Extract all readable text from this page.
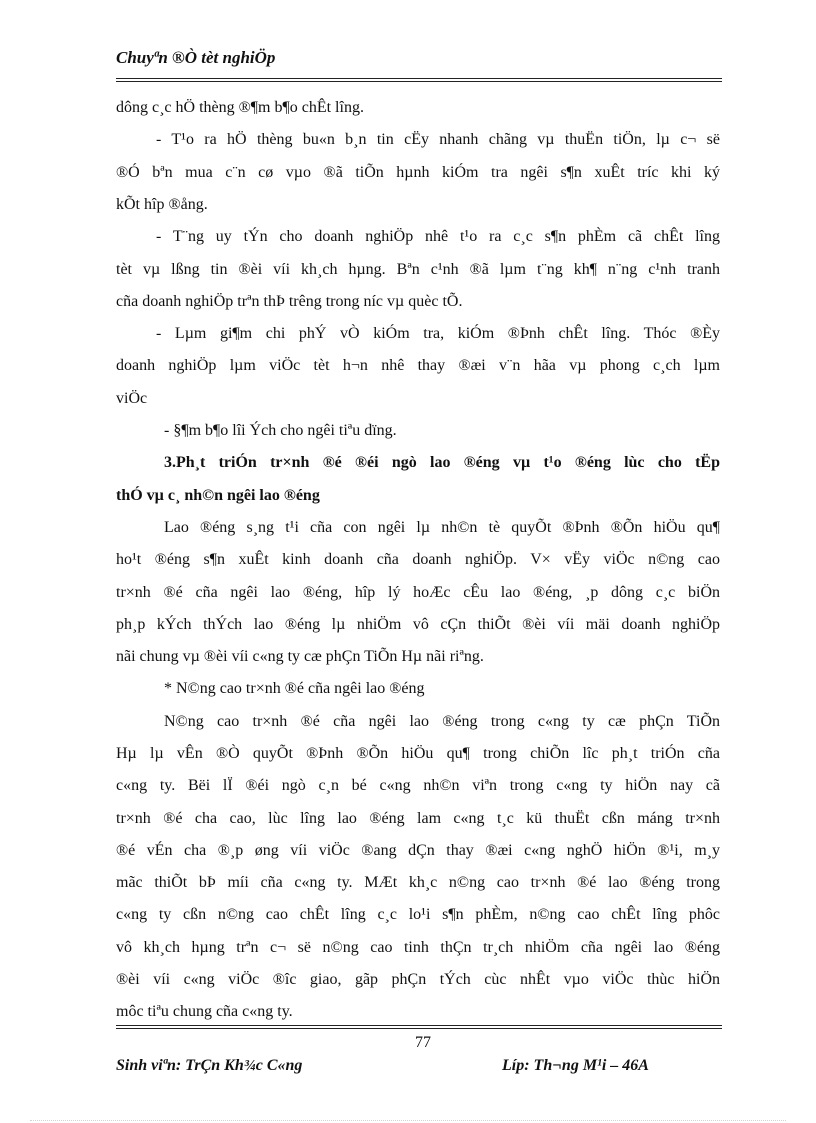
Chuyªn ®Ò tèt nghiÖp
dông c¸c hÖ thèng ®¶m b¶o chÊt lîng.
- T¹o ra hÖ thèng bu«n b¸n tin cËy nhanh chãng vµ thuËn tiÖn, lµ c¬ së
®Ó bªn mua c¨n cø vµo ®ã tiÕn hµnh kiÓm tra ngêi s¶n xuÊt tríc khi ký
kÕt hîp ®ång.
- T¨ng uy tÝn cho doanh nghiÖp nhê t¹o ra c¸c s¶n phÈm cã chÊt lîng
tèt vµ lßng tin ®èi víi kh¸ch hµng. Bªn c¹nh ®ã lµm t¨ng kh¶ n¨ng c¹nh tranh
cña doanh nghiÖp trªn thÞ trêng trong níc vµ quèc tÕ.
- Lµm gi¶m chi phÝ vÒ kiÓm tra, kiÓm ®Þnh chÊt lîng. Thóc ®Èy
doanh nghiÖp lµm viÖc tèt h¬n nhê thay ®æi v¨n hãa vµ phong c¸ch lµm
viÖc
- §¶m b¶o lîi Ých cho ngêi tiªu dïng.
3.Ph¸t triÓn tr×nh ®é ®éi ngò lao ®éng vµ t¹o ®éng lùc cho tËp
thÓ vµ c¸ nh©n ngêi lao ®éng
Lao ®éng s¸ng t¹i cña con ngêi lµ nh©n tè quyÕt ®Þnh ®Õn hiÖu qu¶
ho¹t ®éng s¶n xuÊt kinh doanh cña doanh nghiÖp. V× vËy viÖc n©ng cao
tr×nh ®é cña ngêi lao ®éng, hîp lý hoÆc cÊu lao ®éng, ¸p dông c¸c biÖn
ph¸p kÝch thÝch lao ®éng lµ nhiÖm vô cÇn thiÕt ®èi víi mäi doanh nghiÖp
nãi chung vµ ®èi víi c«ng ty cæ phÇn TiÕn Hµ nãi riªng.
* N©ng cao tr×nh ®é cña ngêi lao ®éng
N©ng cao tr×nh ®é cña ngêi lao ®éng trong c«ng ty cæ phÇn TiÕn
Hµ lµ vÊn ®Ò quyÕt ®Þnh ®Õn hiÖu qu¶ trong chiÕn lîc ph¸t triÓn cña
c«ng ty. Bëi lÏ ®éi ngò c¸n bé c«ng nh©n viªn trong c«ng ty hiÖn nay cã
tr×nh ®é cha cao, lùc lîng lao ®éng lam c«ng t¸c kü thuËt cßn máng tr×nh
®é vÉn cha ®¸p øng víi viÖc ®ang dÇn thay ®æi c«ng nghÖ hiÖn ®¹i, m¸y
mãc thiÕt bÞ míi cña c«ng ty. MÆt kh¸c n©ng cao tr×nh ®é lao ®éng trong
c«ng ty cßn n©ng cao chÊt lîng c¸c lo¹i s¶n phÈm, n©ng cao chÊt lîng phôc
vô kh¸ch hµng trªn c¬ së n©ng cao tinh thÇn tr¸ch nhiÖm cña ngêi lao ®éng
®èi víi c«ng viÖc ®îc giao, gãp phÇn tÝch cùc nhÊt vµo viÖc thùc hiÖn
môc tiªu chung cña c«ng ty.
77
Sinh viªn: TrÇn Kh¾c C«ng	Líp: Th¬ng M¹i – 46A
